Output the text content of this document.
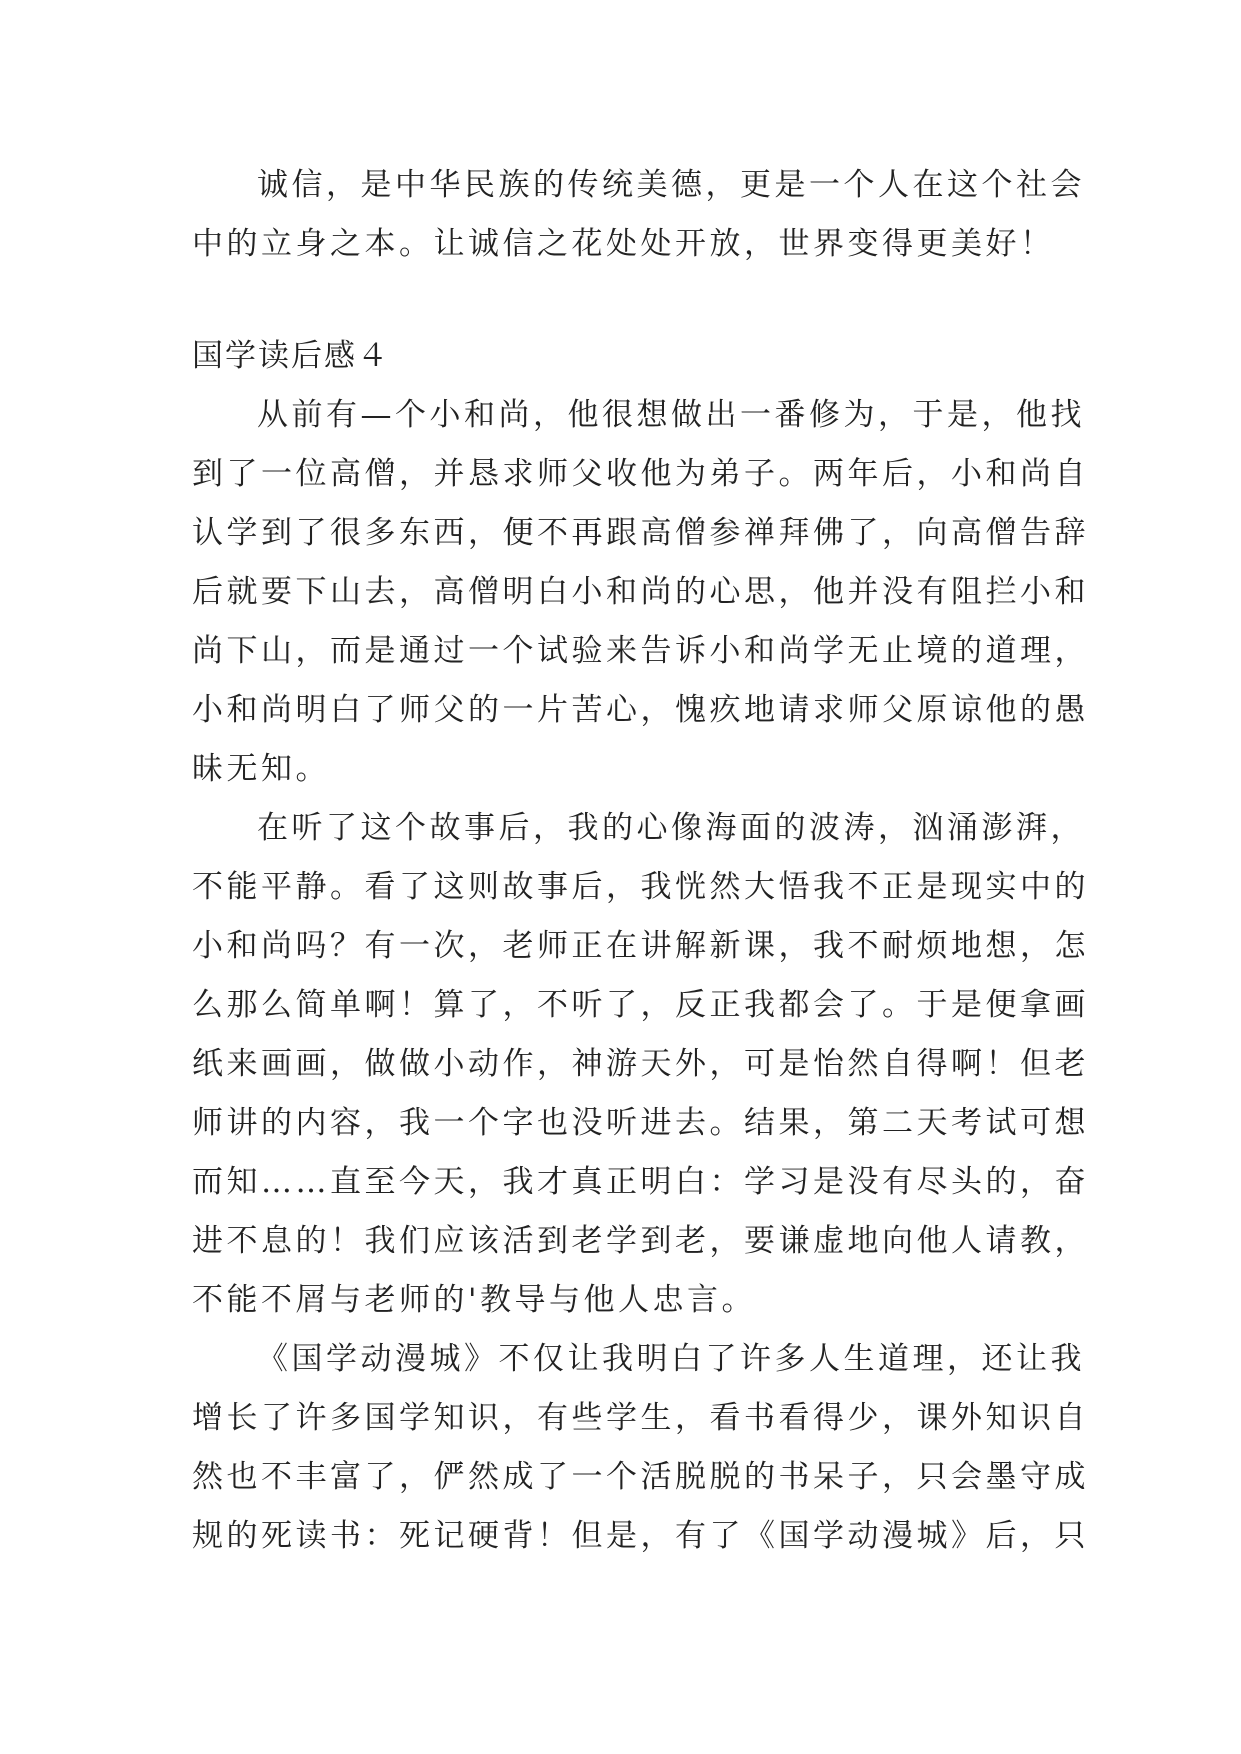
诚信，是中华民族的传统美德，更是一个人在这个社会
中的立身之本。让诚信之花处处开放，世界变得更美好！
国学读后感４
从前有—个小和尚，他很想做出一番修为，于是，他找
到了一位高僧，并恳求师父收他为弟子。两年后，小和尚自
认学到了很多东西，便不再跟高僧参禅拜佛了，向高僧告辞
后就要下山去，高僧明白小和尚的心思，他并没有阻拦小和
尚下山，而是通过一个试验来告诉小和尚学无止境的道理，
小和尚明白了师父的一片苦心，愧疚地请求师父原谅他的愚
昧无知。
在听了这个故事后，我的心像海面的波涛，汹涌澎湃，
不能平静。看了这则故事后，我恍然大悟我不正是现实中的
小和尚吗？有一次，老师正在讲解新课，我不耐烦地想，怎
么那么简单啊！算了，不听了，反正我都会了。于是便拿画
纸来画画，做做小动作，神游天外，可是怡然自得啊！但老
师讲的内容，我一个字也没听进去。结果，第二天考试可想
而知……直至今天，我才真正明白：学习是没有尽头的，奋
进不息的！我们应该活到老学到老，要谦虚地向他人请教，
不能不屑与老师的'教导与他人忠言。
《国学动漫城》不仅让我明白了许多人生道理，还让我
增长了许多国学知识，有些学生，看书看得少，课外知识自
然也不丰富了，俨然成了一个活脱脱的书呆子，只会墨守成
规的死读书：死记硬背！但是，有了《国学动漫城》后，只
